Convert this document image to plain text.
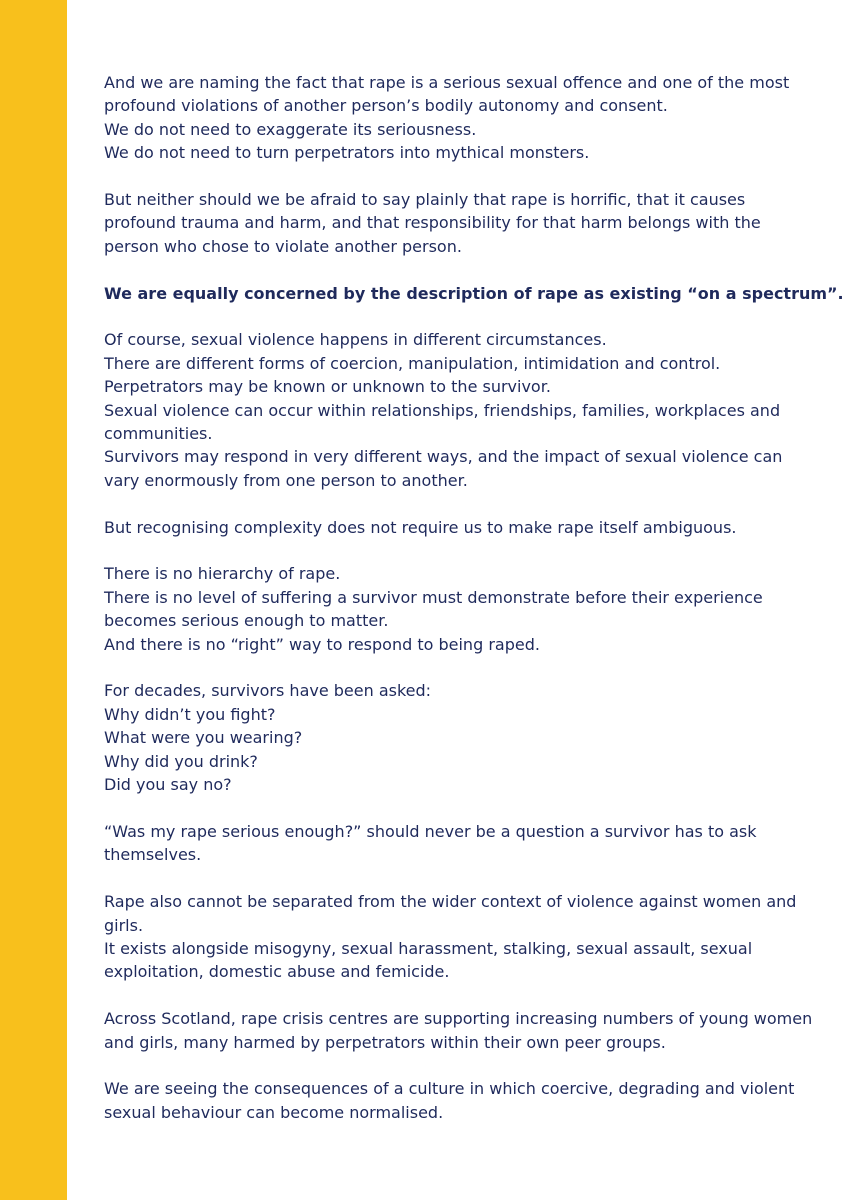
And we are naming the fact that rape is a serious sexual offence and one of the most
profound violations of another person’s bodily autonomy and consent.
We do not need to exaggerate its seriousness.
We do not need to turn perpetrators into mythical monsters.
But neither should we be afraid to say plainly that rape is horrific, that it causes
profound trauma and harm, and that responsibility for that harm belongs with the
person who chose to violate another person.
We are equally concerned by the description of rape as existing “on a spectrum”.
Of course, sexual violence happens in different circumstances.
There are different forms of coercion, manipulation, intimidation and control.
Perpetrators may be known or unknown to the survivor.
Sexual violence can occur within relationships, friendships, families, workplaces and
communities.
Survivors may respond in very different ways, and the impact of sexual violence can
vary enormously from one person to another.
But recognising complexity does not require us to make rape itself ambiguous.
There is no hierarchy of rape.
There is no level of suffering a survivor must demonstrate before their experience
becomes serious enough to matter.
And there is no “right” way to respond to being raped.
For decades, survivors have been asked:
Why didn’t you fight?
What were you wearing?
Why did you drink?
Did you say no?
“Was my rape serious enough?” should never be a question a survivor has to ask
themselves.
Rape also cannot be separated from the wider context of violence against women and
girls.
It exists alongside misogyny, sexual harassment, stalking, sexual assault, sexual
exploitation, domestic abuse and femicide.
Across Scotland, rape crisis centres are supporting increasing numbers of young women
and girls, many harmed by perpetrators within their own peer groups.
We are seeing the consequences of a culture in which coercive, degrading and violent
sexual behaviour can become normalised.
